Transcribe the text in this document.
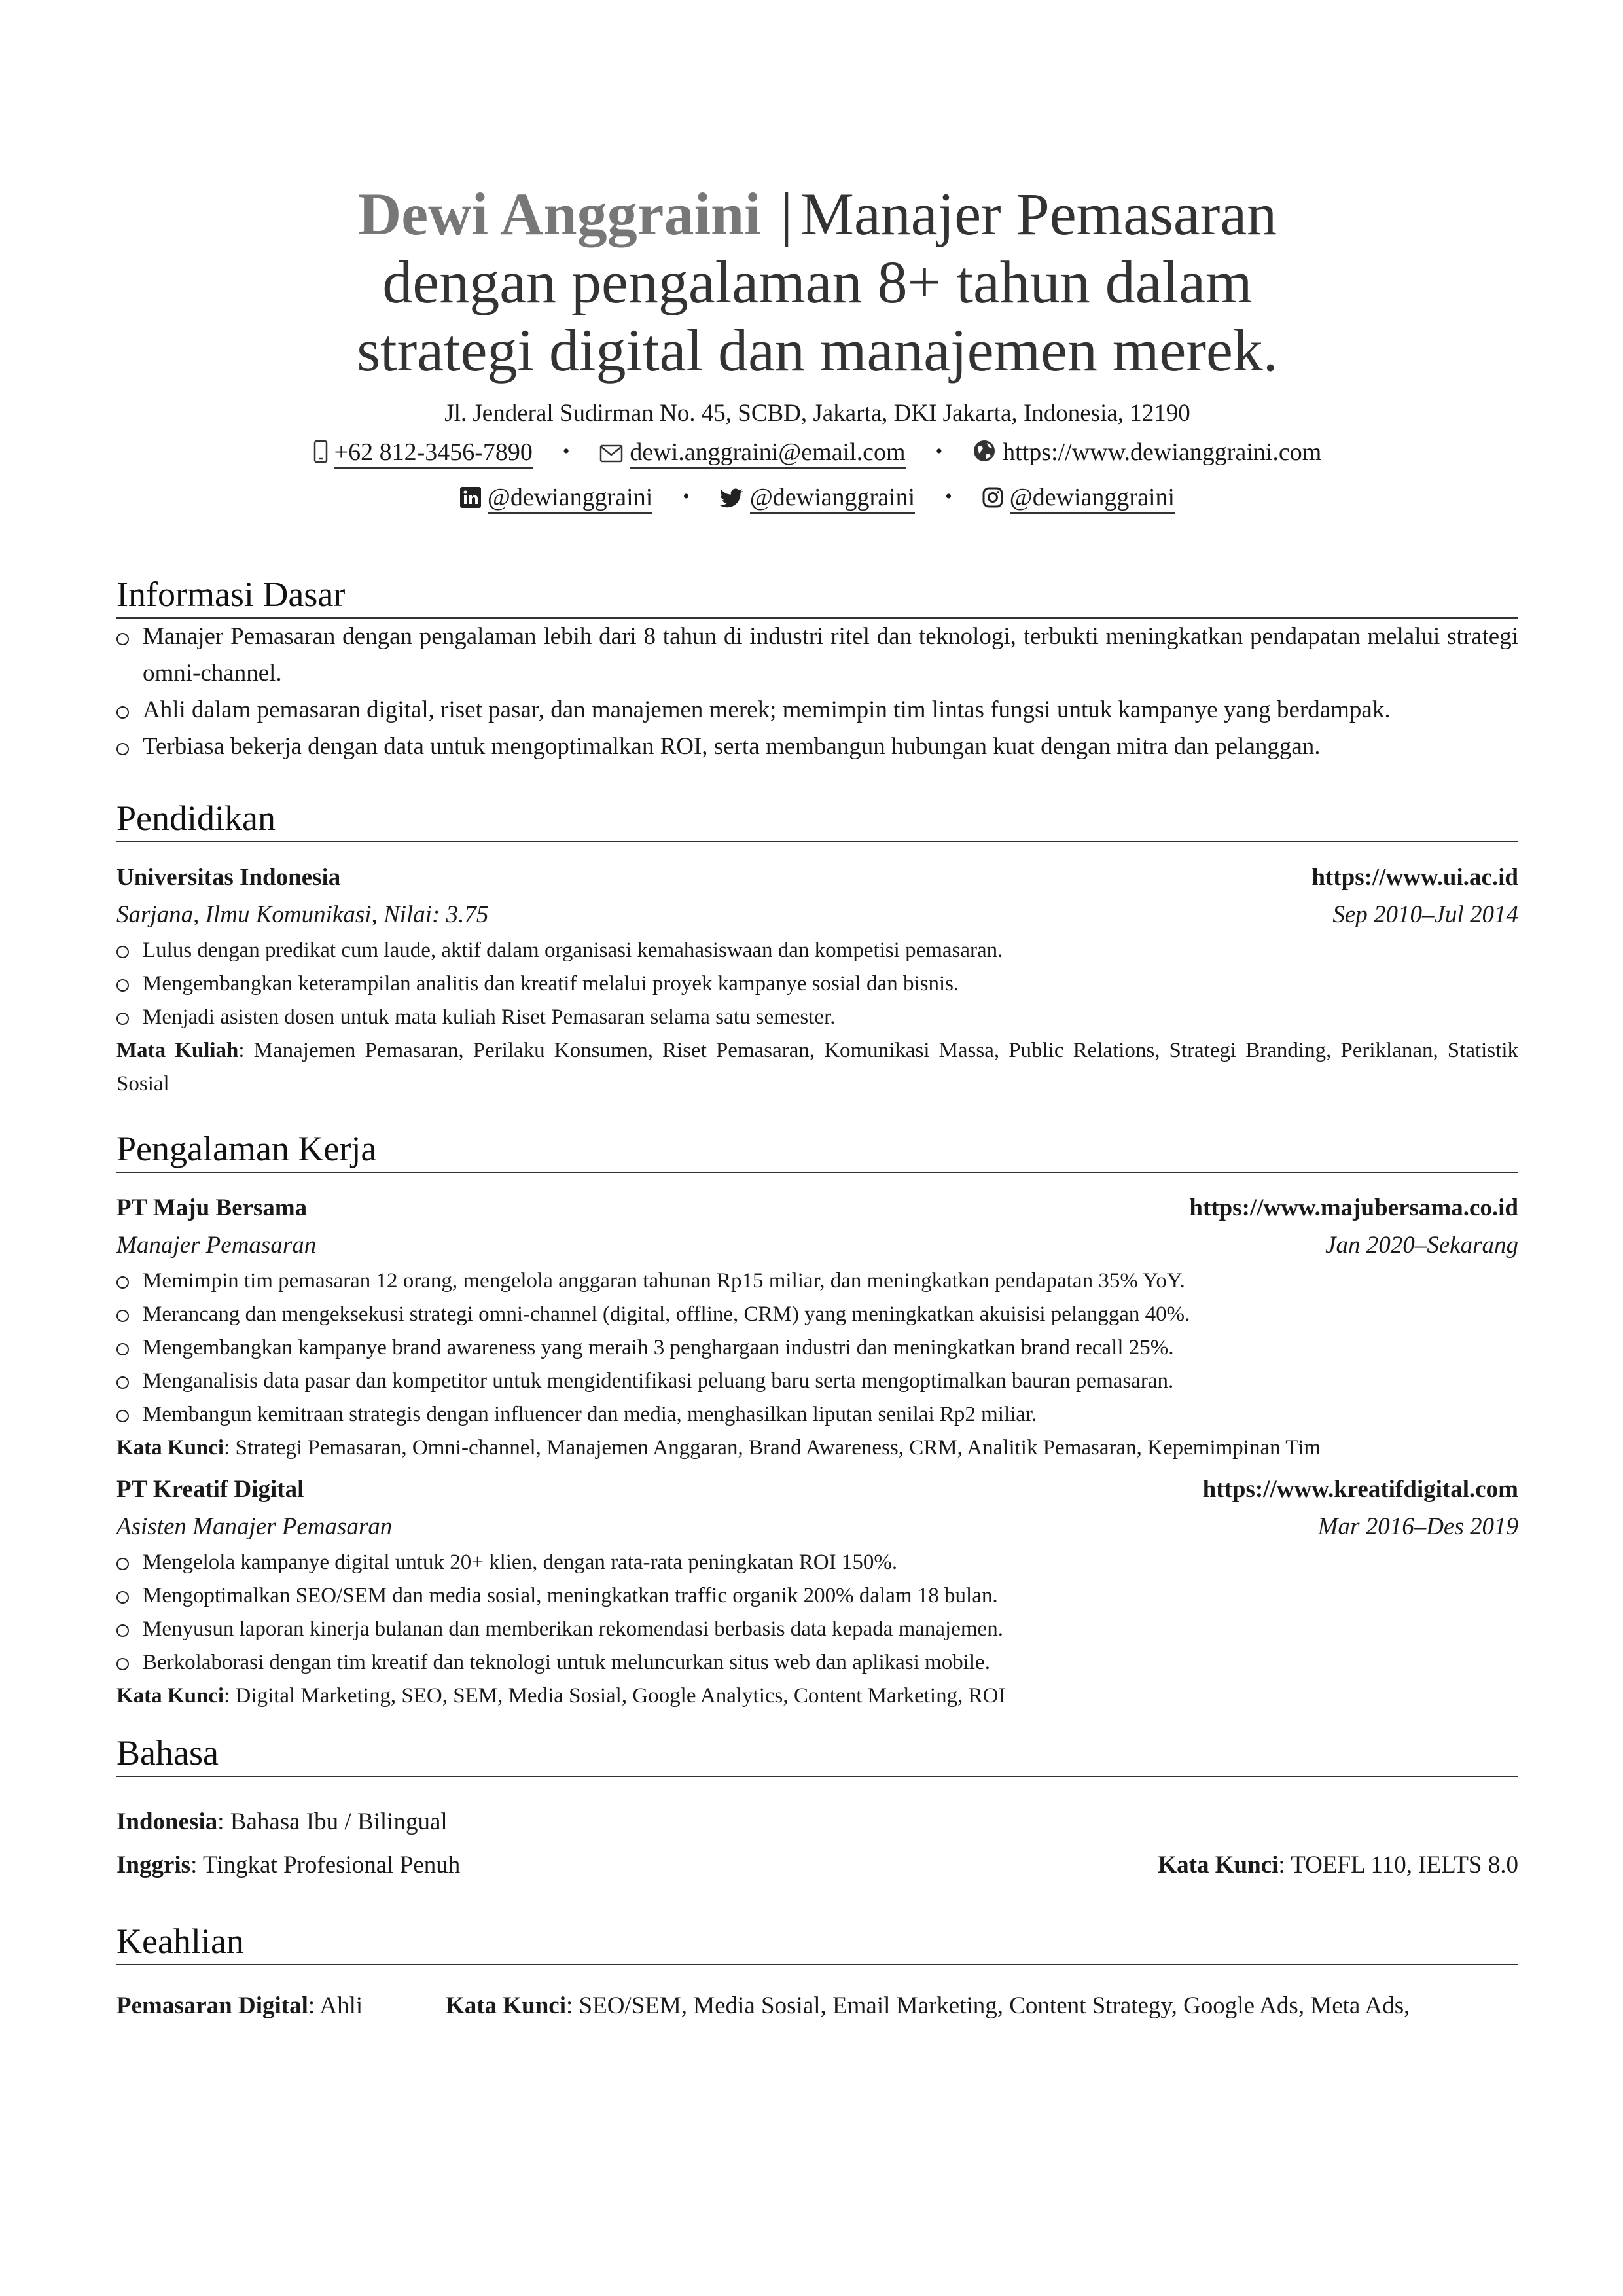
Dewi Anggraini | Manajer Pemasaran
dengan pengalaman 8+ tahun dalam
strategi digital dan manajemen merek.
Jl. Jenderal Sudirman No. 45, SCBD, Jakarta, DKI Jakarta, Indonesia, 12190
+62 812-3456-7890 • dewi.anggraini@email.com • https://www.dewianggraini.com
@dewianggraini • @dewianggraini • @dewianggraini
Informasi Dasar
Manajer Pemasaran dengan pengalaman lebih dari 8 tahun di industri ritel dan teknologi, terbukti meningkatkan pendapatan melalui strategi omni-channel.
Ahli dalam pemasaran digital, riset pasar, dan manajemen merek; memimpin tim lintas fungsi untuk kampanye yang berdampak.
Terbiasa bekerja dengan data untuk mengoptimalkan ROI, serta membangun hubungan kuat dengan mitra dan pelanggan.
Pendidikan
Universitas Indonesia	https://www.ui.ac.id
Sarjana, Ilmu Komunikasi, Nilai: 3.75	Sep 2010–Jul 2014
Lulus dengan predikat cum laude, aktif dalam organisasi kemahasiswaan dan kompetisi pemasaran.
Mengembangkan keterampilan analitis dan kreatif melalui proyek kampanye sosial dan bisnis.
Menjadi asisten dosen untuk mata kuliah Riset Pemasaran selama satu semester.
Mata Kuliah: Manajemen Pemasaran, Perilaku Konsumen, Riset Pemasaran, Komunikasi Massa, Public Relations, Strategi Branding, Periklanan, Statistik Sosial
Pengalaman Kerja
PT Maju Bersama	https://www.majubersama.co.id
Manajer Pemasaran	Jan 2020–Sekarang
Memimpin tim pemasaran 12 orang, mengelola anggaran tahunan Rp15 miliar, dan meningkatkan pendapatan 35% YoY.
Merancang dan mengeksekusi strategi omni-channel (digital, offline, CRM) yang meningkatkan akuisisi pelanggan 40%.
Mengembangkan kampanye brand awareness yang meraih 3 penghargaan industri dan meningkatkan brand recall 25%.
Menganalisis data pasar dan kompetitor untuk mengidentifikasi peluang baru serta mengoptimalkan bauran pemasaran.
Membangun kemitraan strategis dengan influencer dan media, menghasilkan liputan senilai Rp2 miliar.
Kata Kunci: Strategi Pemasaran, Omni-channel, Manajemen Anggaran, Brand Awareness, CRM, Analitik Pemasaran, Kepemimpinan Tim
PT Kreatif Digital	https://www.kreatifdigital.com
Asisten Manajer Pemasaran	Mar 2016–Des 2019
Mengelola kampanye digital untuk 20+ klien, dengan rata-rata peningkatan ROI 150%.
Mengoptimalkan SEO/SEM dan media sosial, meningkatkan traffic organik 200% dalam 18 bulan.
Menyusun laporan kinerja bulanan dan memberikan rekomendasi berbasis data kepada manajemen.
Berkolaborasi dengan tim kreatif dan teknologi untuk meluncurkan situs web dan aplikasi mobile.
Kata Kunci: Digital Marketing, SEO, SEM, Media Sosial, Google Analytics, Content Marketing, ROI
Bahasa
Indonesia: Bahasa Ibu / Bilingual
Inggris: Tingkat Profesional Penuh	Kata Kunci: TOEFL 110, IELTS 8.0
Keahlian
Pemasaran Digital: Ahli	Kata Kunci: SEO/SEM, Media Sosial, Email Marketing, Content Strategy, Google Ads, Meta Ads,
